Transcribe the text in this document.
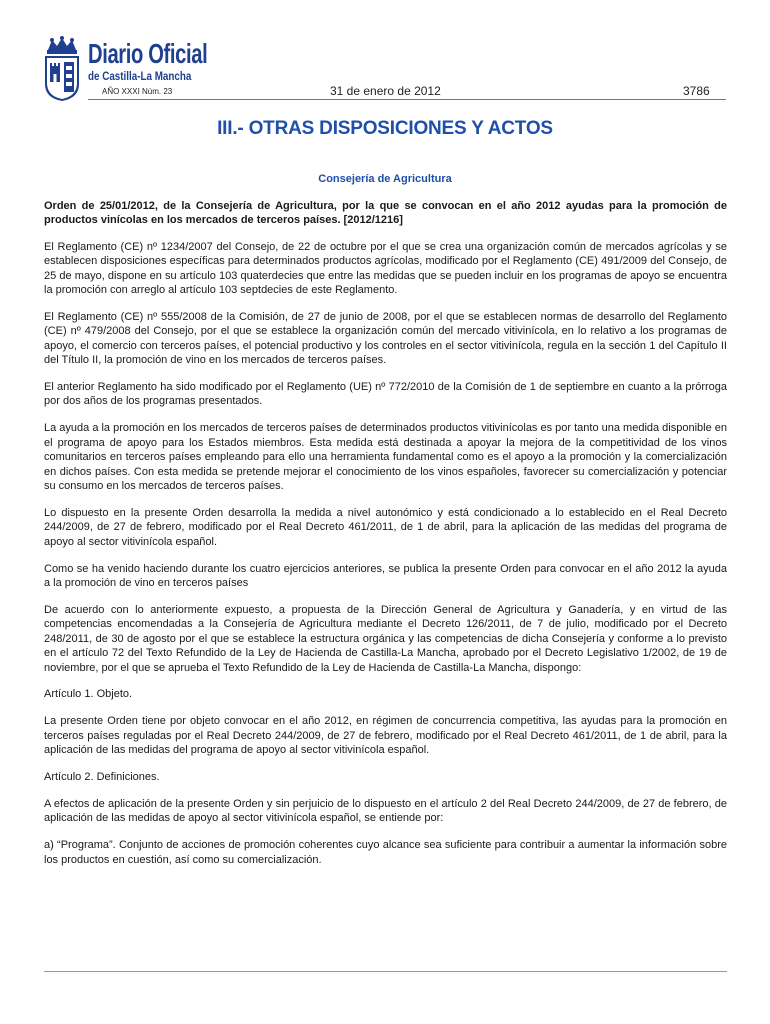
Diario Oficial
de Castilla-La Mancha
AÑO XXXI Núm. 23	31 de enero de 2012	3786
III.- OTRAS DISPOSICIONES Y ACTOS
Consejería de Agricultura

Orden de 25/01/2012, de la Consejería de Agricultura, por la que se convocan en el año 2012 ayudas para la promoción de productos vinícolas en los mercados de terceros países. [2012/1216]

El Reglamento (CE) nº 1234/2007 del Consejo, de 22 de octubre por el que se crea una organización común de mercados agrícolas y se establecen disposiciones específicas para determinados productos agrícolas, modificado por el Reglamento (CE) 491/2009 del Consejo, de 25 de mayo, dispone en su artículo 103 quaterdecies que entre las medidas que se pueden incluir en los programas de apoyo se encuentra la promoción con arreglo al artículo 103 septdecies de este Reglamento.

El Reglamento (CE) nº 555/2008 de la Comisión, de 27 de junio de 2008, por el que se establecen normas de desarrollo del Reglamento (CE) nº 479/2008 del Consejo, por el que se establece la organización común del mercado vitivinícola, en lo relativo a los programas de apoyo, el comercio con terceros países, el potencial productivo y los controles en el sector vitivinícola, regula en la sección 1 del Capítulo II del Título II, la promoción de vino en los mercados de terceros países.

El anterior Reglamento ha sido modificado por el Reglamento (UE) nº 772/2010 de la Comisión de 1 de septiembre en cuanto a la prórroga por dos años de los programas presentados.

La ayuda a la promoción en los mercados de terceros países de determinados productos vitivinícolas es por tanto una medida disponible en el programa de apoyo para los Estados miembros. Esta medida está destinada a apoyar la mejora de la competitividad de los vinos comunitarios en terceros países empleando para ello una herramienta fundamental como es el apoyo a la promoción y la comercialización en dichos países. Con esta medida se pretende mejorar el conocimiento de los vinos españoles, favorecer su comercialización y potenciar su consumo en los mercados de terceros países.

Lo dispuesto en la presente Orden desarrolla la medida a nivel autonómico y está condicionado a lo establecido en el Real Decreto 244/2009, de 27 de febrero, modificado por el Real Decreto 461/2011, de 1 de abril, para la aplicación de las medidas del programa de apoyo al sector vitivinícola español.

Como se ha venido haciendo durante los cuatro ejercicios anteriores, se publica la presente Orden para convocar en el año 2012 la ayuda a la promoción de vino en terceros países

De acuerdo con lo anteriormente expuesto, a propuesta de la Dirección General de Agricultura y Ganadería, y en virtud de las competencias encomendadas a la Consejería de Agricultura mediante el Decreto 126/2011, de 7 de julio, modificado por el Decreto 248/2011, de 30 de agosto por el que se establece la estructura orgánica y las competencias de dicha Consejería y conforme a lo previsto en el artículo 72 del Texto Refundido de la Ley de Hacienda de Castilla-La Mancha, aprobado por el Decreto Legislativo 1/2002, de 19 de noviembre, por el que se aprueba el Texto Refundido de la Ley de Hacienda de Castilla-La Mancha, dispongo:

Artículo 1. Objeto.

La presente Orden tiene por objeto convocar en el año 2012, en régimen de concurrencia competitiva, las ayudas para la promoción en terceros países reguladas por el Real Decreto 244/2009, de 27 de febrero, modificado por el Real Decreto 461/2011, de 1 de abril, para la aplicación de las medidas del programa de apoyo al sector vitivinícola español.

Artículo 2. Definiciones.

A efectos de aplicación de la presente Orden y sin perjuicio de lo dispuesto en el artículo 2 del Real Decreto 244/2009, de 27 de febrero, de aplicación de las medidas de apoyo al sector vitivinícola español, se entiende por:

a) “Programa”. Conjunto de acciones de promoción coherentes cuyo alcance sea suficiente para contribuir a aumentar la información sobre los productos en cuestión, así como su comercialización.
